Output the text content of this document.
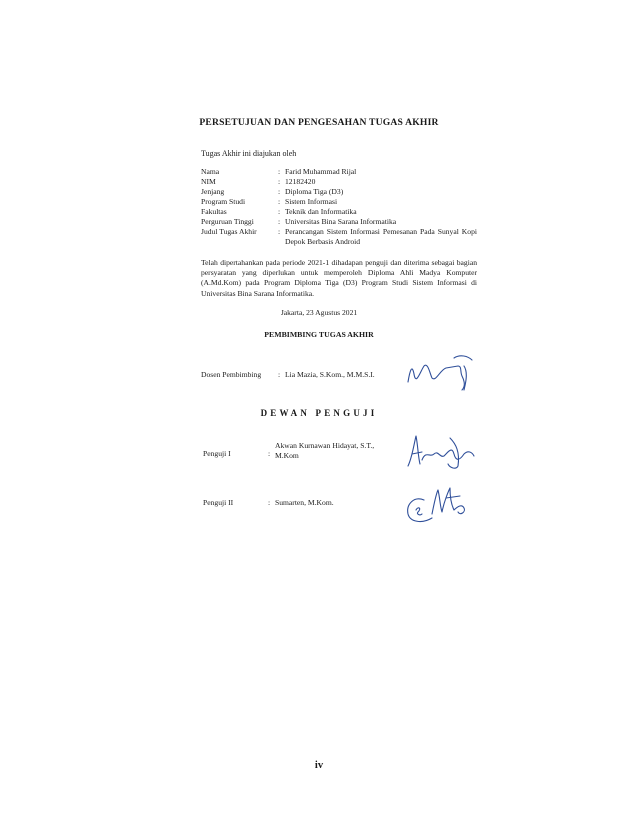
PERSETUJUAN DAN PENGESAHAN TUGAS AKHIR
Tugas Akhir ini diajukan oleh
Nama	: Farid Muhammad Rijal
NIM	: 12182420
Jenjang	: Diploma Tiga (D3)
Program Studi	: Sistem Informasi
Fakultas	: Teknik dan Informatika
Perguruan Tinggi	: Universitas Bina Sarana Informatika
Judul Tugas Akhir	: Perancangan Sistem Informasi Pemesanan Pada Sunyal Kopi Depok Berbasis Android
Telah dipertahankan pada periode 2021-1 dihadapan penguji dan diterima sebagai bagian persyaratan yang diperlukan untuk memperoleh Diploma Ahli Madya Komputer (A.Md.Kom) pada Program Diploma Tiga (D3) Program Studi Sistem Informasi di Universitas Bina Sarana Informatika.
Jakarta, 23 Agustus 2021
PEMBIMBING TUGAS AKHIR
Dosen Pembimbing	: Lia Mazia, S.Kom., M.M.S.I.
DEWAN PENGUJI
Penguji I	:
Akwan Kurnawan Hidayat, S.T., M.Kom
Penguji II	: Sumarten, M.Kom.
iv
